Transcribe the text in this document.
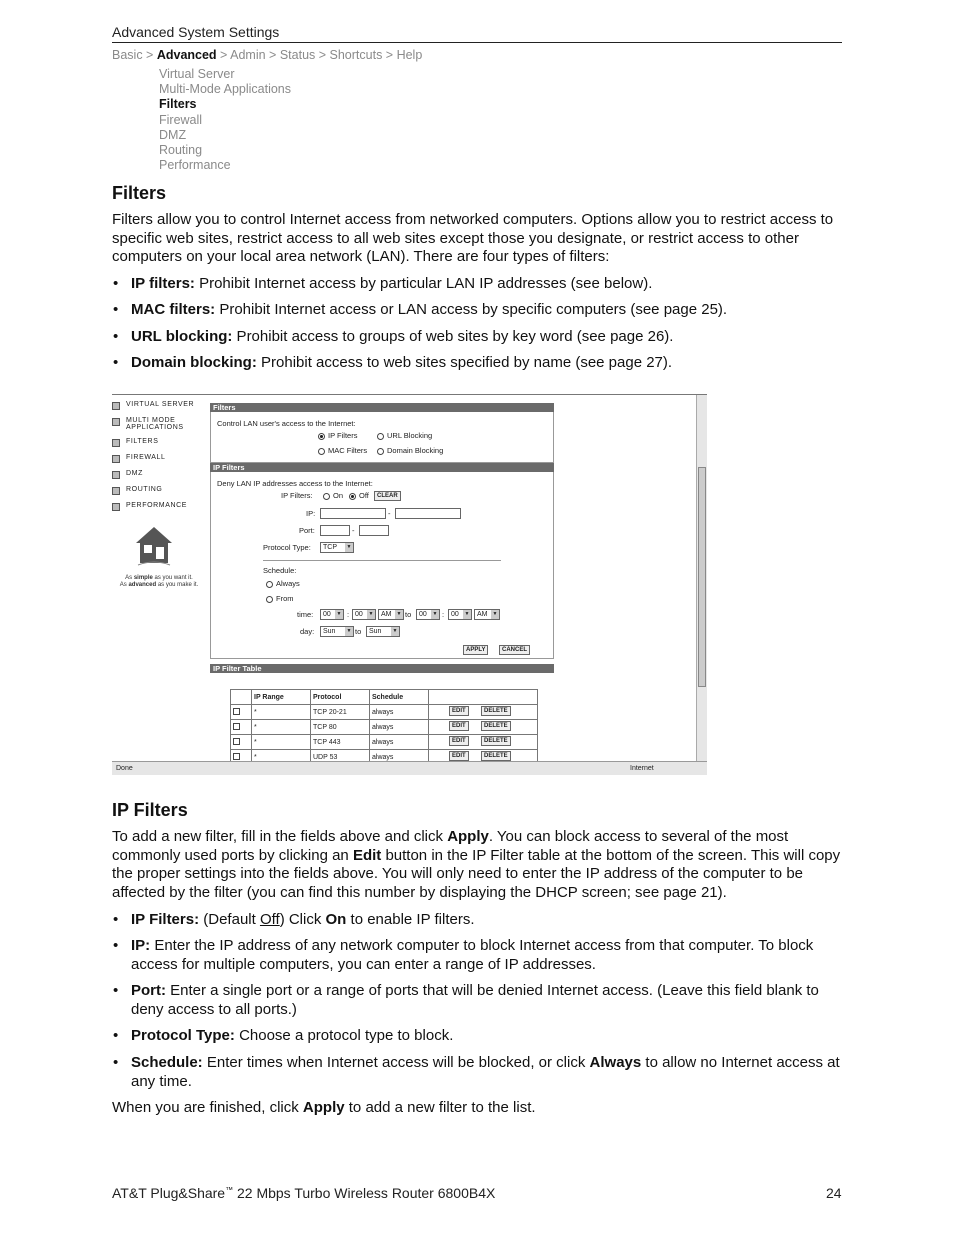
Advanced System Settings
Basic > Advanced > Admin > Status > Shortcuts > Help
Virtual Server
Multi-Mode Applications
Filters
Firewall
DMZ
Routing
Performance
Filters
Filters allow you to control Internet access from networked computers. Options allow you to restrict access to specific web sites, restrict access to all web sites except those you designate, or restrict access to other computers on your local area network (LAN). There are four types of filters:
• IP filters: Prohibit Internet access by particular LAN IP addresses (see below).
• MAC filters: Prohibit Internet access or LAN access by specific computers (see page 25).
• URL blocking: Prohibit access to groups of web sites by key word (see page 26).
• Domain blocking: Prohibit access to web sites specified by name (see page 27).
VIRTUAL SERVER
MULTI MODE APPLICATIONS
FILTERS
FIREWALL
DMZ
ROUTING
PERFORMANCE
As simple as you want it.
As advanced as you make it.
Filters
Control LAN user's access to the Internet:
IP Filters	URL Blocking
MAC Filters	Domain Blocking
IP Filters
Deny LAN IP addresses access to the Internet:
IP Filters:	On	Off	CLEAR
IP:	-
Port:	-
Protocol Type:	TCP ▼
Schedule:
Always
From
time:	00 ▼	: 00 ▼	AM ▼	to	00 ▼	: 00 ▼	AM ▼
day:	Sun ▼	to	Sun ▼
APPLY	CANCEL
IP Filter Table
	IP Range	Protocol	Schedule	
	*	TCP 20-21	always	EDIT DELETE

	*	TCP 80	always	EDIT DELETE

	*	TCP 443	always	EDIT DELETE

	*	UDP 53	always	EDIT DELETE

Done	Internet
IP Filters
To add a new filter, fill in the fields above and click Apply. You can block access to several of the most commonly used ports by clicking an Edit button in the IP Filter table at the bottom of the screen. This will copy the proper settings into the fields above. You will only need to enter the IP address of the computer to be affected by the filter (you can find this number by displaying the DHCP screen; see page 21).
• IP Filters: (Default Off) Click On to enable IP filters.
• IP: Enter the IP address of any network computer to block Internet access from that computer. To block access for multiple computers, you can enter a range of IP addresses.
• Port: Enter a single port or a range of ports that will be denied Internet access. (Leave this field blank to deny access to all ports.)
• Protocol Type: Choose a protocol type to block.
• Schedule: Enter times when Internet access will be blocked, or click Always to allow no Internet access at any time.
When you are finished, click Apply to add a new filter to the list.
AT&T Plug&Share™ 22 Mbps Turbo Wireless Router 6800B4X	24
